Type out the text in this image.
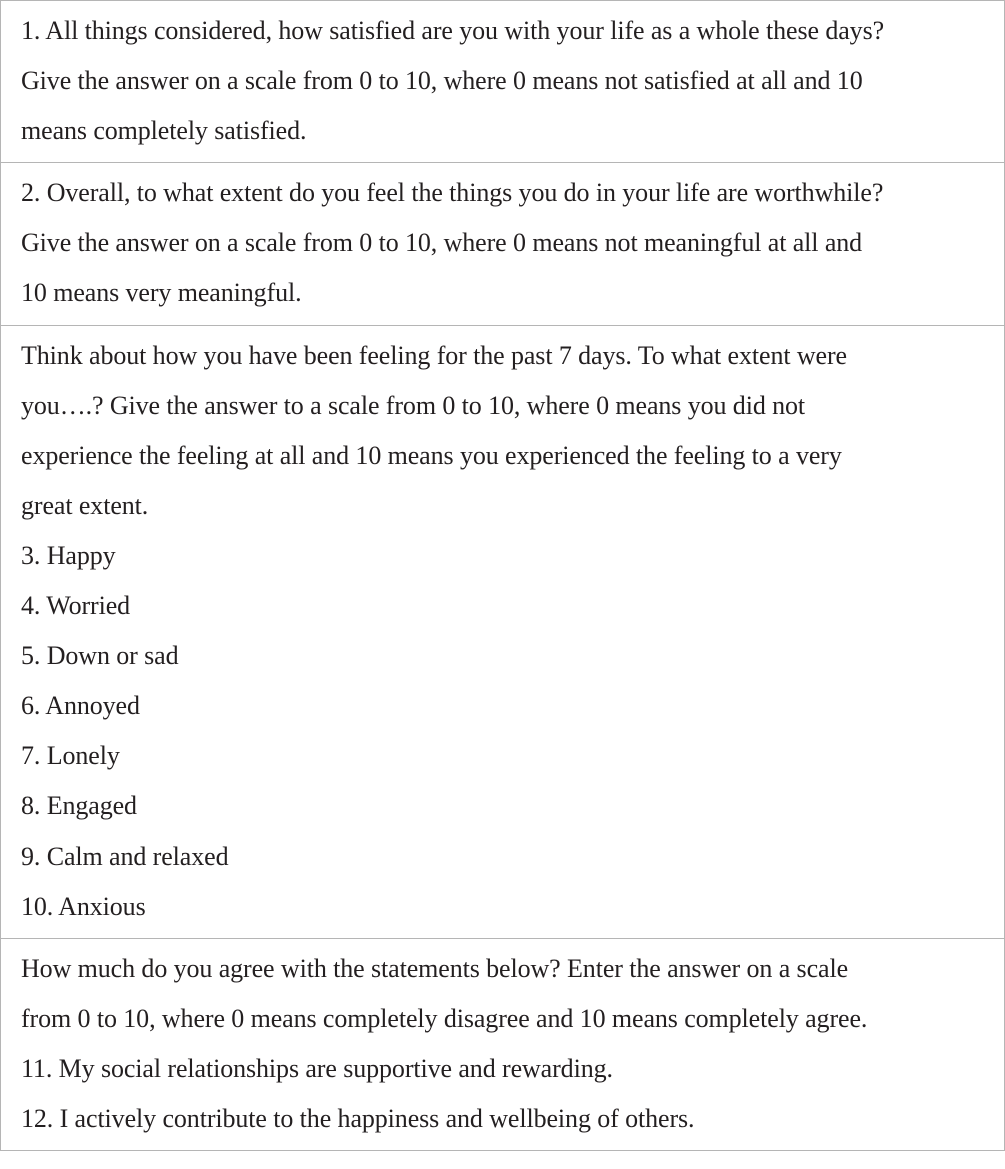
1. All things considered, how satisfied are you with your life as a whole these days?
Give the answer on a scale from 0 to 10, where 0 means not satisfied at all and 10
means completely satisfied.
2. Overall, to what extent do you feel the things you do in your life are worthwhile?
Give the answer on a scale from 0 to 10, where 0 means not meaningful at all and
10 means very meaningful.
Think about how you have been feeling for the past 7 days. To what extent were
you….? Give the answer to a scale from 0 to 10, where 0 means you did not
experience the feeling at all and 10 means you experienced the feeling to a very
great extent.
3. Happy
4. Worried
5. Down or sad
6. Annoyed
7. Lonely
8. Engaged
9. Calm and relaxed
10. Anxious
How much do you agree with the statements below? Enter the answer on a scale
from 0 to 10, where 0 means completely disagree and 10 means completely agree.
11. My social relationships are supportive and rewarding.
12. I actively contribute to the happiness and wellbeing of others.
